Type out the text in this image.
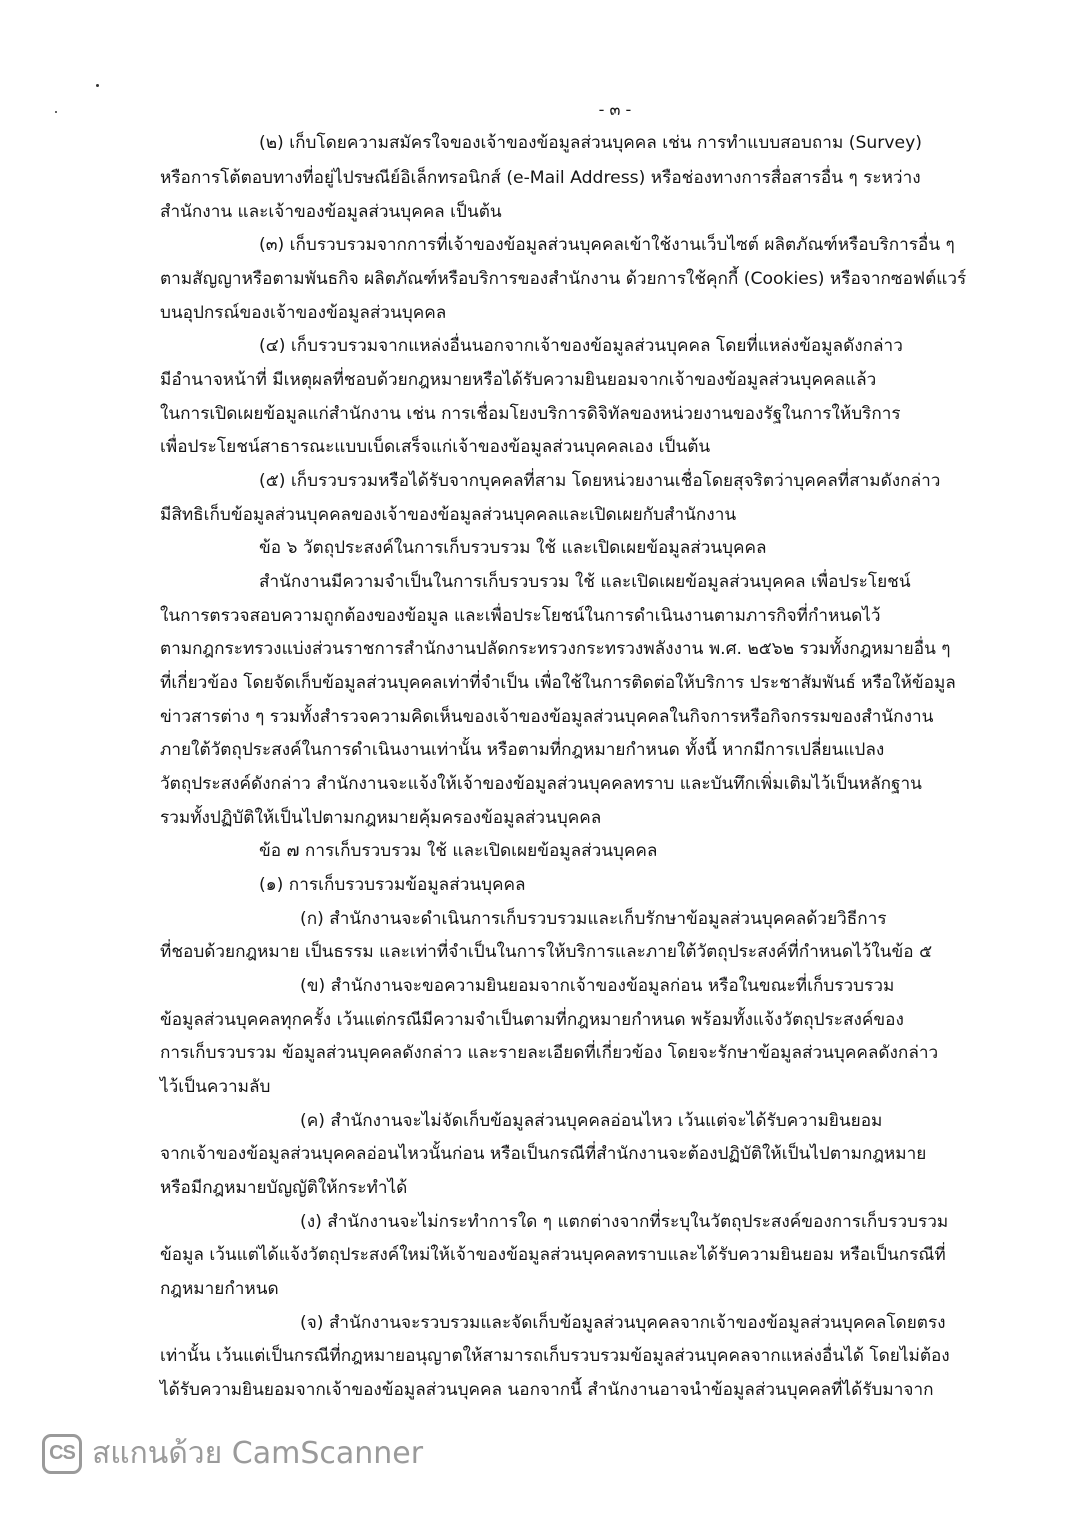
- ๓ -
(๒) เก็บโดยความสมัครใจของเจ้าของข้อมูลส่วนบุคคล เช่น การทำแบบสอบถาม (Survey)
หรือการโต้ตอบทางที่อยู่ไปรษณีย์อิเล็กทรอนิกส์ (e-Mail Address) หรือช่องทางการสื่อสารอื่น ๆ ระหว่าง
สำนักงาน และเจ้าของข้อมูลส่วนบุคคล เป็นต้น
(๓) เก็บรวบรวมจากการที่เจ้าของข้อมูลส่วนบุคคลเข้าใช้งานเว็บไซต์ ผลิตภัณฑ์หรือบริการอื่น ๆ
ตามสัญญาหรือตามพันธกิจ ผลิตภัณฑ์หรือบริการของสำนักงาน ด้วยการใช้คุกกี้ (Cookies) หรือจากซอฟต์แวร์
บนอุปกรณ์ของเจ้าของข้อมูลส่วนบุคคล
(๔) เก็บรวบรวมจากแหล่งอื่นนอกจากเจ้าของข้อมูลส่วนบุคคล โดยที่แหล่งข้อมูลดังกล่าว
มีอำนาจหน้าที่ มีเหตุผลที่ชอบด้วยกฎหมายหรือได้รับความยินยอมจากเจ้าของข้อมูลส่วนบุคคลแล้ว
ในการเปิดเผยข้อมูลแก่สำนักงาน เช่น การเชื่อมโยงบริการดิจิทัลของหน่วยงานของรัฐในการให้บริการ
เพื่อประโยชน์สาธารณะแบบเบ็ดเสร็จแก่เจ้าของข้อมูลส่วนบุคคลเอง เป็นต้น
(๕) เก็บรวบรวมหรือได้รับจากบุคคลที่สาม โดยหน่วยงานเชื่อโดยสุจริตว่าบุคคลที่สามดังกล่าว
มีสิทธิเก็บข้อมูลส่วนบุคคลของเจ้าของข้อมูลส่วนบุคคลและเปิดเผยกับสำนักงาน
ข้อ ๖ วัตถุประสงค์ในการเก็บรวบรวม ใช้ และเปิดเผยข้อมูลส่วนบุคคล
สำนักงานมีความจำเป็นในการเก็บรวบรวม ใช้ และเปิดเผยข้อมูลส่วนบุคคล เพื่อประโยชน์
ในการตรวจสอบความถูกต้องของข้อมูล และเพื่อประโยชน์ในการดำเนินงานตามภารกิจที่กำหนดไว้
ตามกฎกระทรวงแบ่งส่วนราชการสำนักงานปลัดกระทรวงกระทรวงพลังงาน พ.ศ. ๒๕๖๒ รวมทั้งกฎหมายอื่น ๆ
ที่เกี่ยวข้อง โดยจัดเก็บข้อมูลส่วนบุคคลเท่าที่จำเป็น เพื่อใช้ในการติดต่อให้บริการ ประชาสัมพันธ์ หรือให้ข้อมูล
ข่าวสารต่าง ๆ รวมทั้งสำรวจความคิดเห็นของเจ้าของข้อมูลส่วนบุคคลในกิจการหรือกิจกรรมของสำนักงาน
ภายใต้วัตถุประสงค์ในการดำเนินงานเท่านั้น หรือตามที่กฎหมายกำหนด ทั้งนี้ หากมีการเปลี่ยนแปลง
วัตถุประสงค์ดังกล่าว สำนักงานจะแจ้งให้เจ้าของข้อมูลส่วนบุคคลทราบ และบันทึกเพิ่มเติมไว้เป็นหลักฐาน
รวมทั้งปฏิบัติให้เป็นไปตามกฎหมายคุ้มครองข้อมูลส่วนบุคคล
ข้อ ๗ การเก็บรวบรวม ใช้ และเปิดเผยข้อมูลส่วนบุคคล
(๑) การเก็บรวบรวมข้อมูลส่วนบุคคล
(ก) สำนักงานจะดำเนินการเก็บรวบรวมและเก็บรักษาข้อมูลส่วนบุคคลด้วยวิธีการ
ที่ชอบด้วยกฎหมาย เป็นธรรม และเท่าที่จำเป็นในการให้บริการและภายใต้วัตถุประสงค์ที่กำหนดไว้ในข้อ ๕
(ข) สำนักงานจะขอความยินยอมจากเจ้าของข้อมูลก่อน หรือในขณะที่เก็บรวบรวม
ข้อมูลส่วนบุคคลทุกครั้ง เว้นแต่กรณีมีความจำเป็นตามที่กฎหมายกำหนด พร้อมทั้งแจ้งวัตถุประสงค์ของ
การเก็บรวบรวม ข้อมูลส่วนบุคคลดังกล่าว และรายละเอียดที่เกี่ยวข้อง โดยจะรักษาข้อมูลส่วนบุคคลดังกล่าว
ไว้เป็นความลับ
(ค) สำนักงานจะไม่จัดเก็บข้อมูลส่วนบุคคลอ่อนไหว เว้นแต่จะได้รับความยินยอม
จากเจ้าของข้อมูลส่วนบุคคลอ่อนไหวนั้นก่อน หรือเป็นกรณีที่สำนักงานจะต้องปฏิบัติให้เป็นไปตามกฎหมาย
หรือมีกฎหมายบัญญัติให้กระทำได้
(ง) สำนักงานจะไม่กระทำการใด ๆ แตกต่างจากที่ระบุในวัตถุประสงค์ของการเก็บรวบรวม
ข้อมูล เว้นแต่ได้แจ้งวัตถุประสงค์ใหม่ให้เจ้าของข้อมูลส่วนบุคคลทราบและได้รับความยินยอม หรือเป็นกรณีที่
กฎหมายกำหนด
(จ) สำนักงานจะรวบรวมและจัดเก็บข้อมูลส่วนบุคคลจากเจ้าของข้อมูลส่วนบุคคลโดยตรง
เท่านั้น เว้นแต่เป็นกรณีที่กฎหมายอนุญาตให้สามารถเก็บรวบรวมข้อมูลส่วนบุคคลจากแหล่งอื่นได้ โดยไม่ต้อง
ได้รับความยินยอมจากเจ้าของข้อมูลส่วนบุคคล นอกจากนี้ สำนักงานอาจนำข้อมูลส่วนบุคคลที่ได้รับมาจาก
CS สแกนด้วย CamScanner
